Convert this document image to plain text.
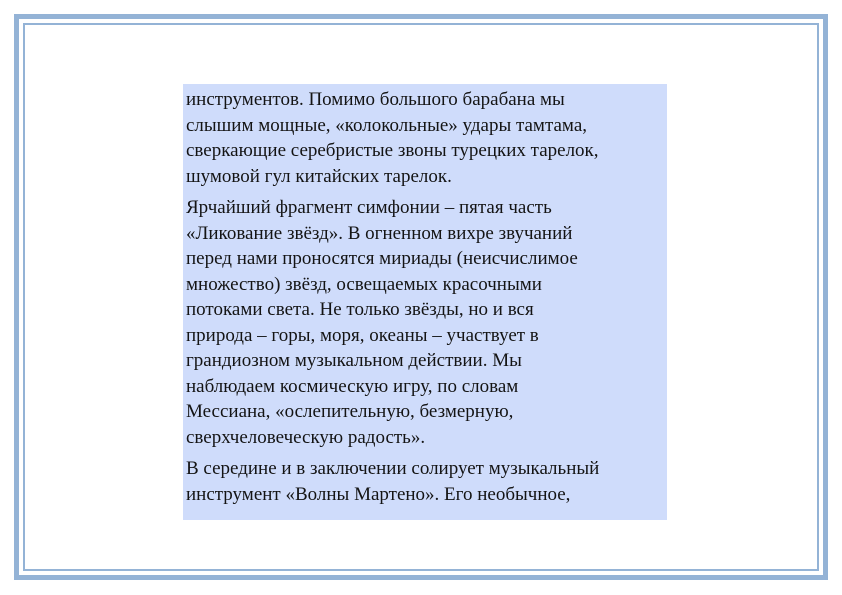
инструментов. Помимо большого барабана мы
слышим мощные, «колокольные» удары тамтама,
сверкающие серебристые звоны турецких тарелок,
шумовой гул китайских тарелок.

Ярчайший фрагмент симфонии – пятая часть
«Ликование звёзд». В огненном вихре звучаний
перед нами проносятся мириады (неисчислимое
множество) звёзд, освещаемых красочными
потоками света. Не только звёзды, но и вся
природа – горы, моря, океаны – участвует в
грандиозном музыкальном действии. Мы
наблюдаем космическую игру, по словам
Мессиана, «ослепительную, безмерную,
сверхчеловеческую радость».

В середине и в заключении солирует музыкальный
инструмент «Волны Мартено». Его необычное,
